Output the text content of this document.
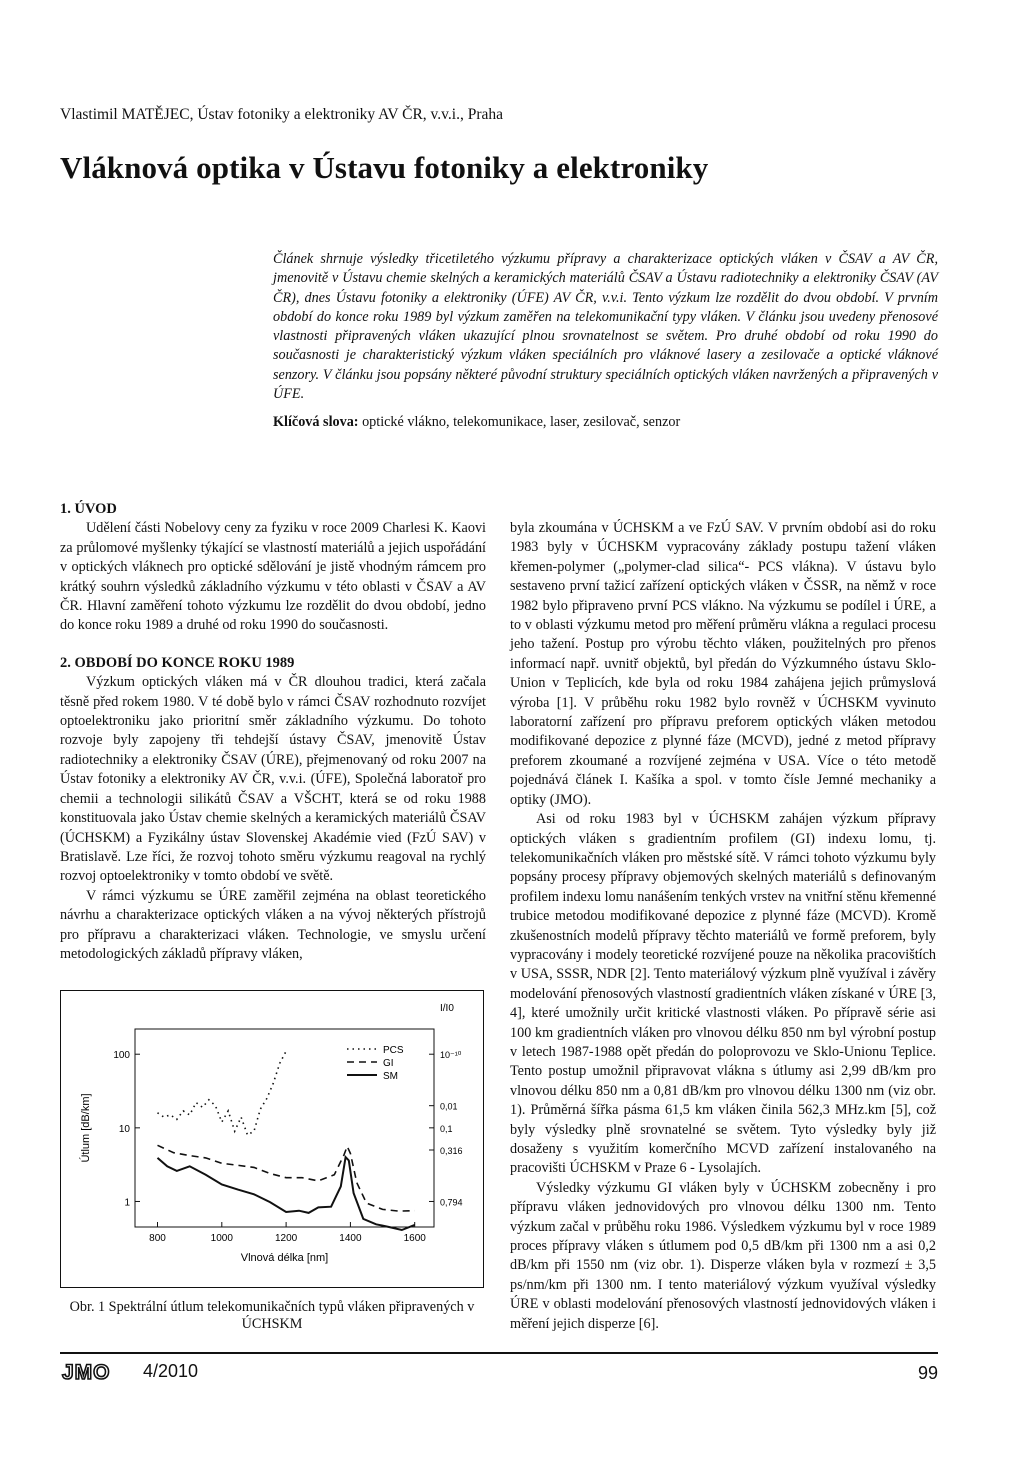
Vlastimil MATĚJEC, Ústav fotoniky a elektroniky AV ČR, v.v.i., Praha
Vláknová optika v Ústavu fotoniky a elektroniky
Článek shrnuje výsledky třicetiletého výzkumu přípravy a charakterizace optických vláken v ČSAV a AV ČR, jmenovitě v Ústavu chemie skelných a keramických materiálů ČSAV a Ústavu radiotechniky a elektroniky ČSAV (AV ČR), dnes Ústavu fotoniky a elektroniky (ÚFE) AV ČR, v.v.i. Tento výzkum lze rozdělit do dvou období. V prvním období do konce roku 1989 byl výzkum zaměřen na telekomunikační typy vláken. V článku jsou uvedeny přenosové vlastnosti připravených vláken ukazující plnou srovnatelnost se světem. Pro druhé období od roku 1990 do současnosti je charakteristický výzkum vláken speciálních pro vláknové lasery a zesilovače a optické vláknové senzory. V článku jsou popsány některé původní struktury speciálních optických vláken navržených a připravených v ÚFE.
Klíčová slova: optické vlákno, telekomunikace, laser, zesilovač, senzor
1. ÚVOD

Udělení části Nobelovy ceny za fyziku v roce 2009 Charlesi K. Kaovi za průlomové myšlenky týkající se vlastností materiálů a jejich uspořádání v optických vláknech pro optické sdělování je jistě vhodným rámcem pro krátký souhrn výsledků základního výzkumu v této oblasti v ČSAV a AV ČR. Hlavní zaměření tohoto výzkumu lze rozdělit do dvou období, jedno do konce roku 1989 a druhé od roku 1990 do současnosti.

2. OBDOBÍ DO KONCE ROKU 1989

Výzkum optických vláken má v ČR dlouhou tradici, která začala těsně před rokem 1980. V té době bylo v rámci ČSAV rozhodnuto rozvíjet optoelektroniku jako prioritní směr základního výzkumu. Do tohoto rozvoje byly zapojeny tři tehdejší ústavy ČSAV, jmenovitě Ústav radiotechniky a elektroniky ČSAV (ÚRE), přejmenovaný od roku 2007 na Ústav fotoniky a elektroniky AV ČR, v.v.i. (ÚFE), Společná laboratoř pro chemii a technologii silikátů ČSAV a VŠCHT, která se od roku 1988 konstituovala jako Ústav chemie skelných a keramických materiálů ČSAV (ÚCHSKM) a Fyzikálny ústav Slovenskej Akadémie vied (FzÚ SAV) v Bratislavě. Lze říci, že rozvoj tohoto směru výzkumu reagoval na rychlý rozvoj optoelektroniky v tomto období ve světě.

V rámci výzkumu se ÚRE zaměřil zejména na oblast teoretického návrhu a charakterizace optických vláken a na vývoj některých přístrojů pro přípravu a charakterizaci vláken. Technologie, ve smyslu určení metodologických základů přípravy vláken,

byla zkoumána v ÚCHSKM a ve FzÚ SAV. V prvním období asi do roku 1983 byly v ÚCHSKM vypracovány základy postupu tažení vláken křemen-polymer („polymer-clad silica“- PCS vlákna). V ústavu bylo sestaveno první tažicí zařízení optických vláken v ČSSR, na němž v roce 1982 bylo připraveno první PCS vlákno. Na výzkumu se podílel i ÚRE, a to v oblasti výzkumu metod pro měření průměru vlákna a regulaci procesu jeho tažení. Postup pro výrobu těchto vláken, použitelných pro přenos informací např. uvnitř objektů, byl předán do Výzkumného ústavu Sklo-Union v Teplicích, kde byla od roku 1984 zahájena jejich průmyslová výroba [1]. V průběhu roku 1982 bylo rovněž v ÚCHSKM vyvinuto laboratorní zařízení pro přípravu preforem optických vláken metodou modifikované depozice z plynné fáze (MCVD), jedné z metod přípravy preforem zkoumané a rozvíjené zejména v USA. Více o této metodě pojednává článek I. Kašíka a spol. v tomto čísle Jemné mechaniky a optiky (JMO).

Asi od roku 1983 byl v ÚCHSKM zahájen výzkum přípravy optických vláken s gradientním profilem (GI) indexu lomu, tj. telekomunikačních vláken pro městské sítě. V rámci tohoto výzkumu byly popsány procesy přípravy objemových skelných materiálů s definovaným profilem indexu lomu nanášením tenkých vrstev na vnitřní stěnu křemenné trubice metodou modifikované depozice z plynné fáze (MCVD). Kromě zkušenostních modelů přípravy těchto materiálů ve formě preforem, byly vypracovány i modely teoretické rozvíjené pouze na několika pracovištích v USA, SSSR, NDR [2]. Tento materiálový výzkum plně využíval i závěry modelování přenosových vlastností gradientních vláken získané v ÚRE [3, 4], které umožnily určit kritické vlastnosti vláken. Po přípravě série asi 100 km gradientních vláken pro vlnovou délku 850 nm byl výrobní postup v letech 1987-1988 opět předán do poloprovozu ve Sklo-Unionu Teplice. Tento postup umožnil připravovat vlákna s útlumy asi 2,99 dB/km pro vlnovou délku 850 nm a 0,81 dB/km pro vlnovou délku 1300 nm (viz obr. 1). Průměrná šířka pásma 61,5 km vláken činila 562,3 MHz.km [5], což byly výsledky plně srovnatelné se světem. Tyto výsledky byly již dosaženy s využitím komerčního MCVD zařízení instalovaného na pracovišti ÚCHSKM v Praze 6 - Lysolajích.

Výsledky výzkumu GI vláken byly v ÚCHSKM zobecněny i pro přípravu vláken jednovidových pro vlnovou délku 1300 nm. Tento výzkum začal v průběhu roku 1986. Výsledkem výzkumu byl v roce 1989 proces přípravy vláken s útlumem pod 0,5 dB/km při 1300 nm a asi 0,2 dB/km při 1550 nm (viz obr. 1). Disperze vláken byla v rozmezí ± 3,5 ps/nm/km při 1300 nm. I tento materiálový výzkum využíval výsledky ÚRE v oblasti modelování přenosových vlastností jednovidových vláken i měření jejich disperze [6].

800	1000	1200	1400	1600
1
10
100	10⁻¹⁰
0,01
0,1
0,316
0,794
Vlnová délka [nm]
Útlum [dB/km]
I/I0
PCS
GI
SM
Obr. 1 Spektrální útlum telekomunikačních typů vláken připravených v ÚCHSKM
JMO 4/2010	99
